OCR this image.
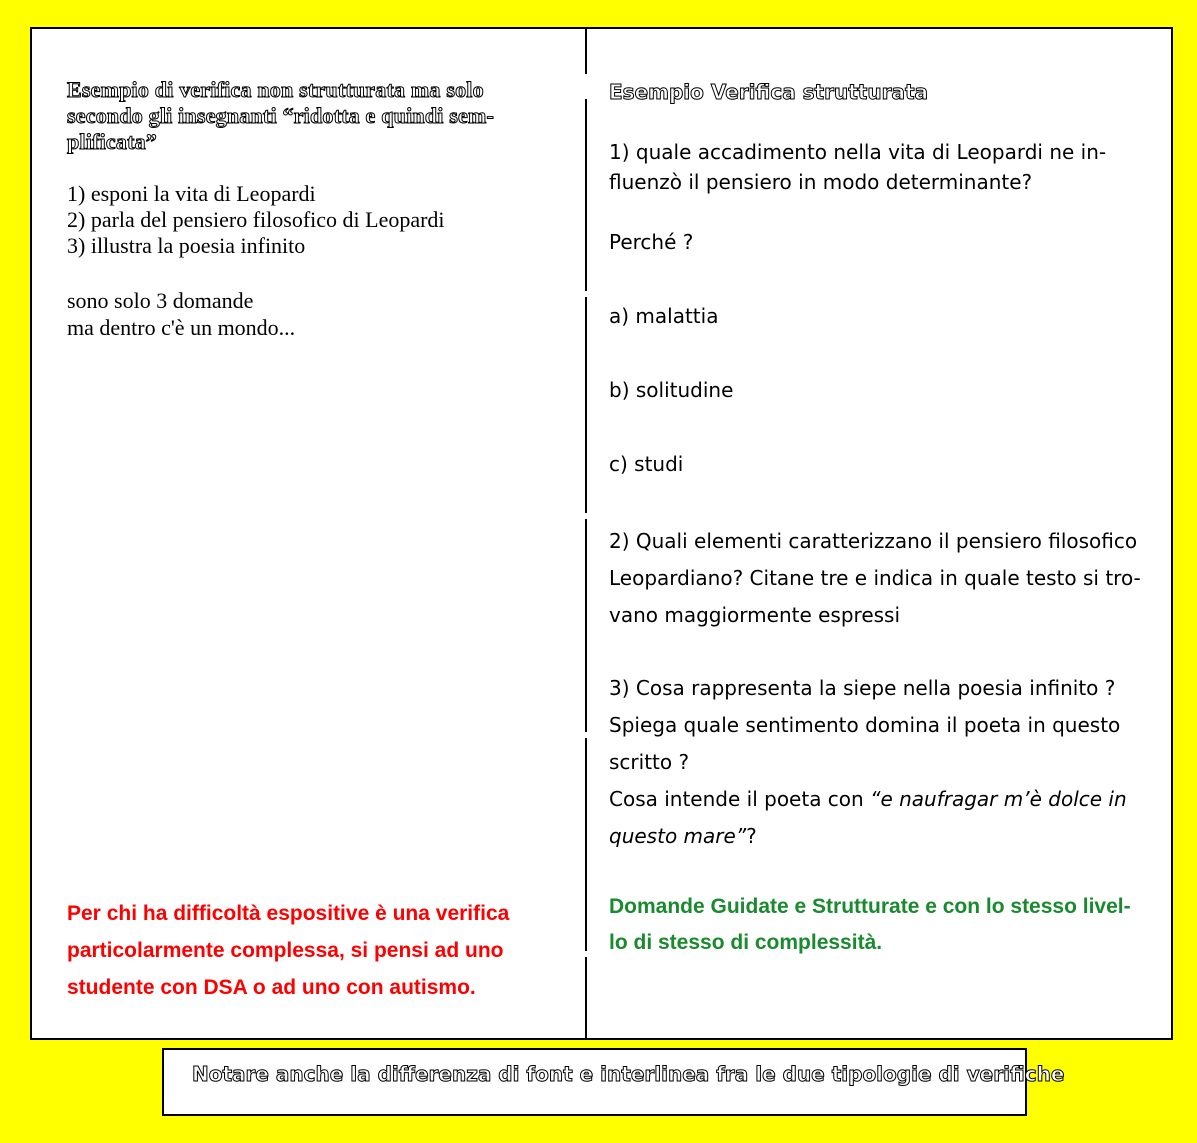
Esempio di verifica non strutturata ma solo
secondo gli insegnanti “ridotta e quindi sem-
plificata”
1) esponi la vita di Leopardi
2) parla del pensiero filosofico di Leopardi
3) illustra la poesia infinito
sono solo 3 domande
ma dentro c'è un mondo...
Per chi ha difficoltà espositive è una verifica
particolarmente complessa, si pensi ad uno
studente con DSA o ad uno con autismo.
Esempio Verifica strutturata
1) quale accadimento nella vita di Leopardi ne in-
fluenzò il pensiero in modo determinante?
Perché ?
a) malattia
b) solitudine
c) studi
2) Quali elementi caratterizzano il pensiero filosofico
Leopardiano? Citane tre e indica in quale testo si tro-
vano maggiormente espressi
3) Cosa rappresenta la siepe nella poesia infinito ?
Spiega quale sentimento domina il poeta in questo
scritto ?
Cosa intende il poeta con “e naufragar m’è dolce in
questo mare”?
Domande Guidate e Strutturate e con lo stesso livel-
lo di stesso di complessità.
Notare anche la differenza di font e interlinea fra le due tipologie di verifiche
